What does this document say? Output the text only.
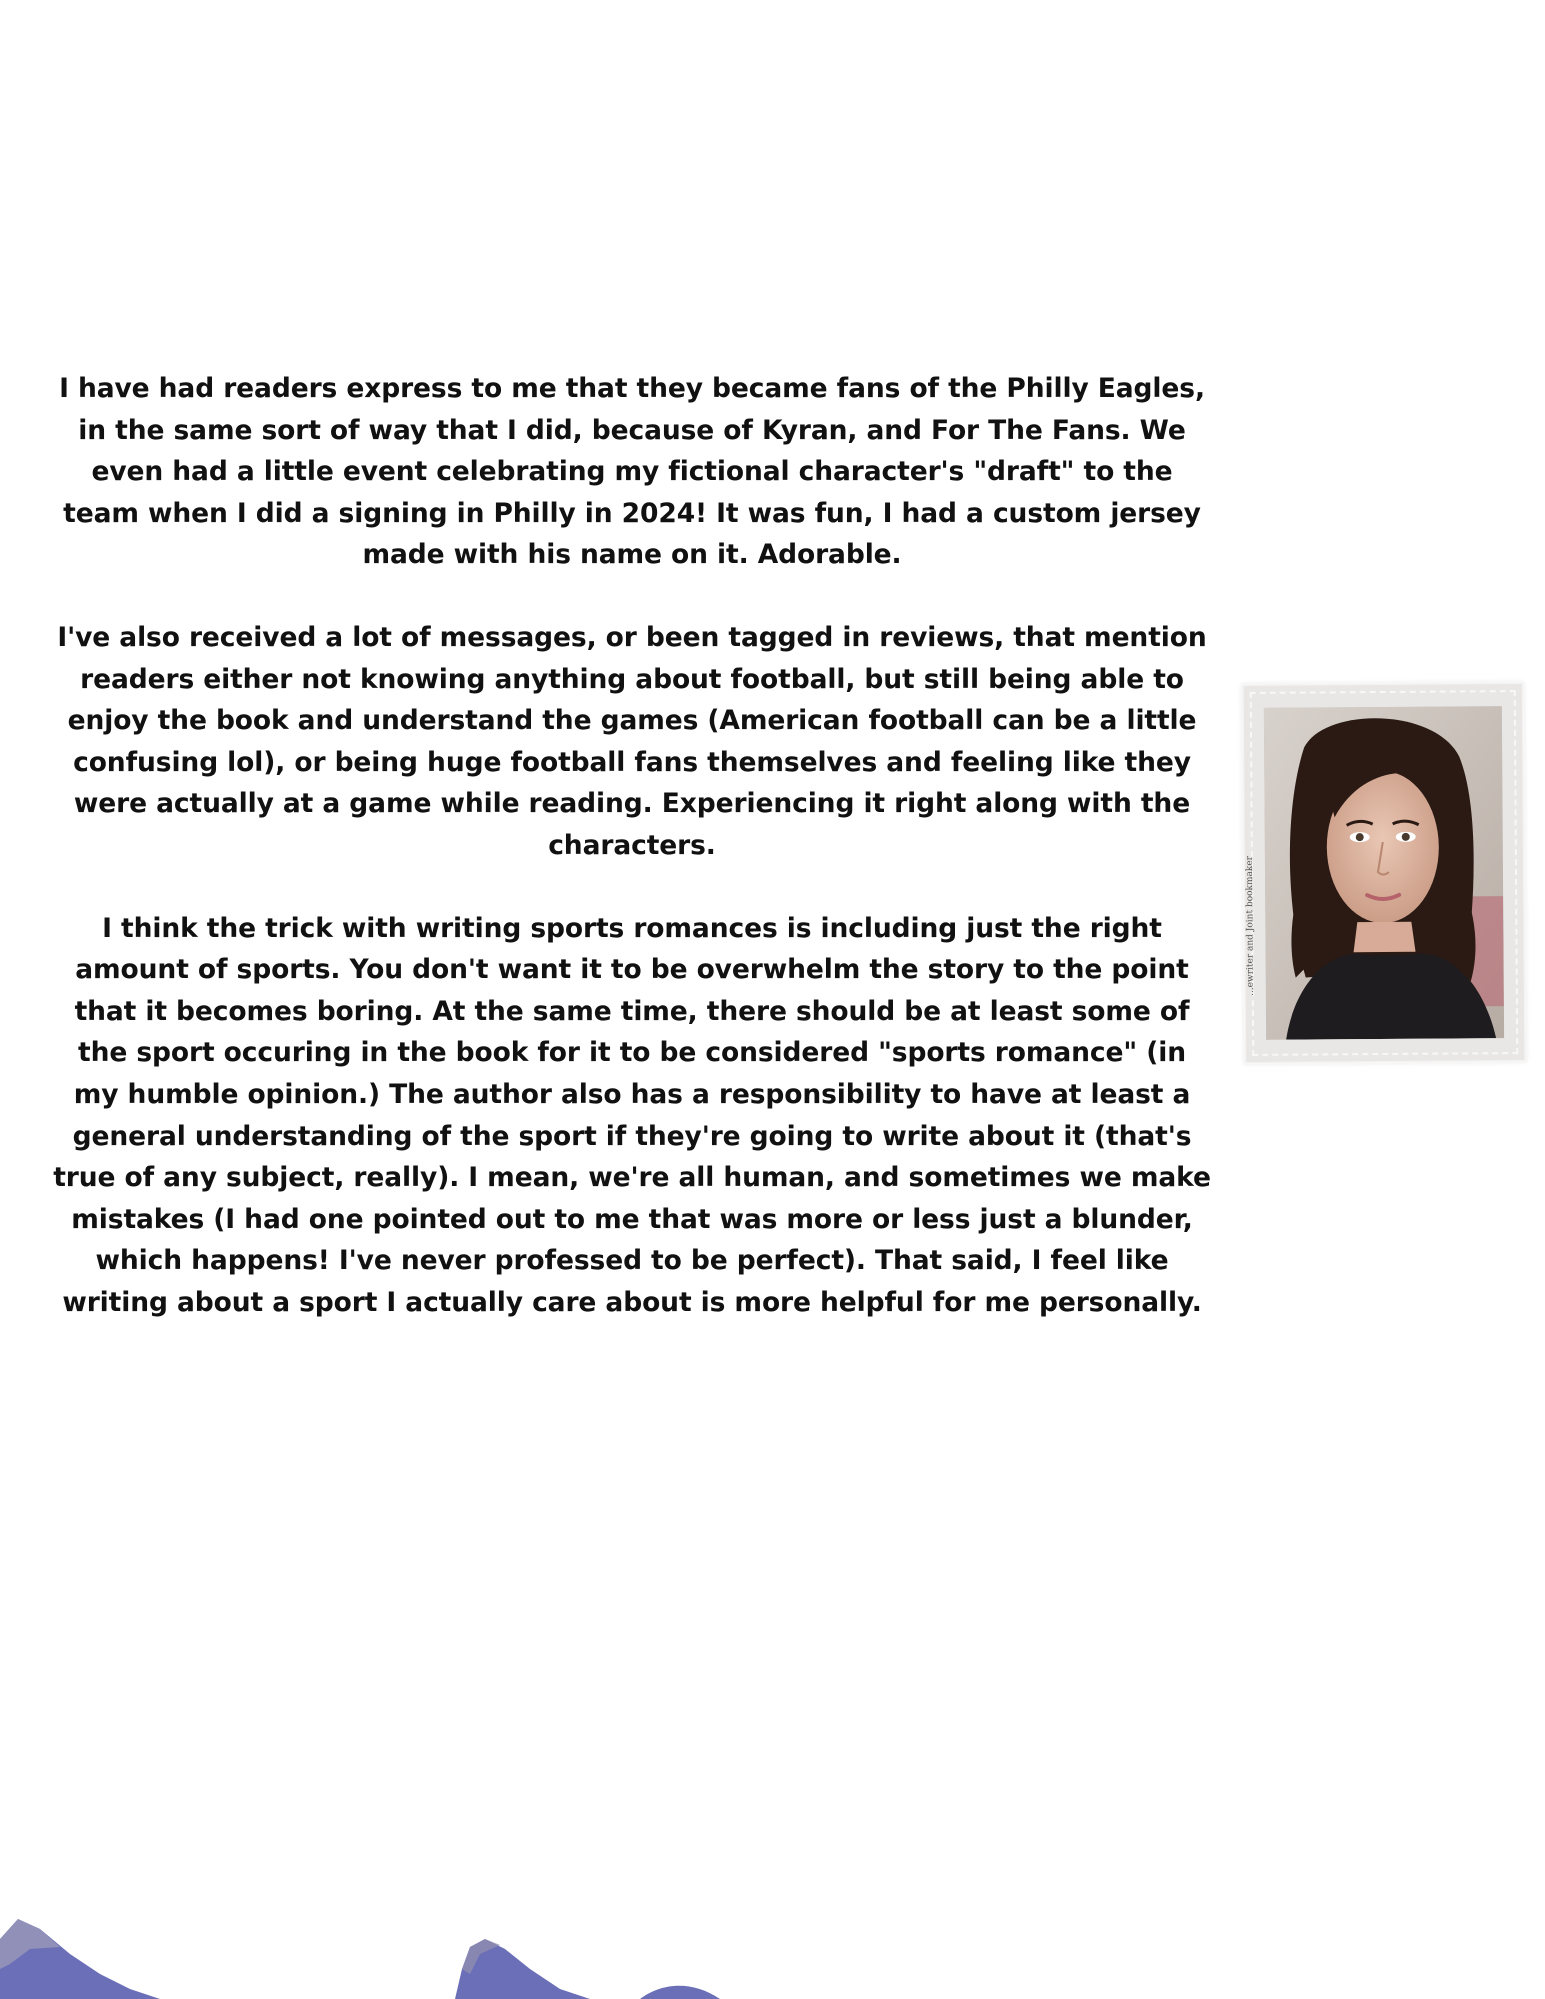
I have had readers express to me that they became fans of the Philly Eagles, in the same sort of way that I did, because of Kyran, and For The Fans. We even had a little event celebrating my fictional character's "draft" to the team when I did a signing in Philly in 2024! It was fun, I had a custom jersey made with his name on it. Adorable.

I've also received a lot of messages, or been tagged in reviews, that mention readers either not knowing anything about football, but still being able to enjoy the book and understand the games (American football can be a little confusing lol), or being huge football fans themselves and feeling like they were actually at a game while reading. Experiencing it right along with the characters.

I think the trick with writing sports romances is including just the right amount of sports. You don't want it to be overwhelm the story to the point that it becomes boring. At the same time, there should be at least some of the sport occuring in the book for it to be considered "sports romance" (in my humble opinion.) The author also has a responsibility to have at least a general understanding of the sport if they're going to write about it (that's true of any subject, really). I mean, we're all human, and sometimes we make mistakes (I had one pointed out to me that was more or less just a blunder, which happens! I've never professed to be perfect). That said, I feel like writing about a sport I actually care about is more helpful for me personally.

...ewriter and Joint bookmaker
